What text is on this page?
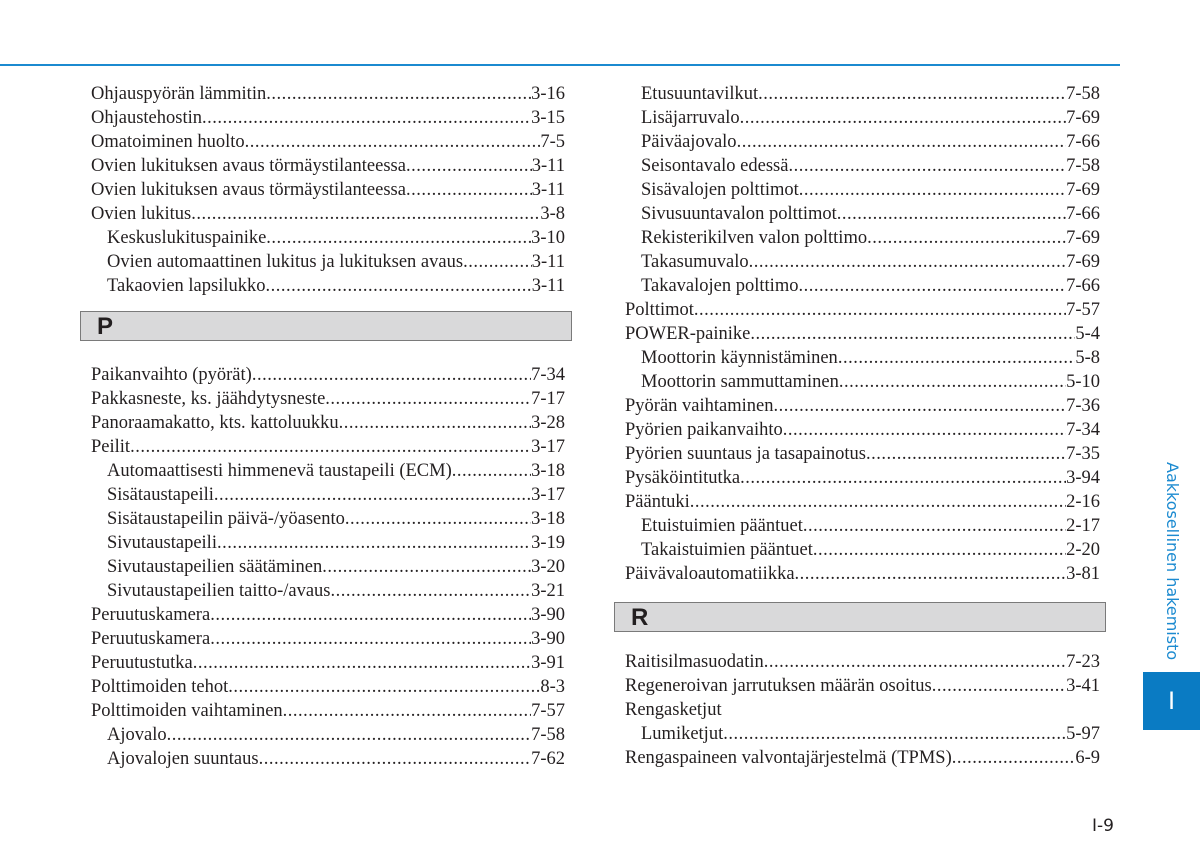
Ohjauspyörän lämmitin .....	3-16
Ohjaustehostin .....	3-15
Omatoiminen huolto .....	7-5
Ovien lukituksen avaus törmäystilanteessa .....	3-11
Ovien lukituksen avaus törmäystilanteessa .....	3-11
Ovien lukitus .....	3-8
Keskuslukituspainike .....	3-10
Ovien automaattinen lukitus ja lukituksen avaus .....	3-11
Takaovien lapsilukko .....	3-11
P
Paikanvaihto (pyörät) .....	7-34
Pakkasneste, ks. jäähdytysneste .....	7-17
Panoraamakatto, kts. kattoluukku .....	3-28
Peilit .....	3-17
Automaattisesti himmenevä taustapeili (ECM) .....	3-18
Sisätaustapeili .....	3-17
Sisätaustapeilin päivä-/yöasento .....	3-18
Sivutaustapeili .....	3-19
Sivutaustapeilien säätäminen .....	3-20
Sivutaustapeilien taitto-/avaus .....	3-21
Peruutuskamera .....	3-90
Peruutuskamera .....	3-90
Peruutustutka .....	3-91
Polttimoiden tehot .....	8-3
Polttimoiden vaihtaminen .....	7-57
Ajovalo .....	7-58
Ajovalojen suuntaus .....	7-62
Etusuuntavilkut .....	7-58
Lisäjarruvalo .....	7-69
Päiväajovalo .....	7-66
Seisontavalo edessä .....	7-58
Sisävalojen polttimot .....	7-69
Sivusuuntavalon polttimot .....	7-66
Rekisterikilven valon polttimo .....	7-69
Takasumuvalo .....	7-69
Takavalojen polttimo .....	7-66
Polttimot .....	7-57
POWER-painike .....	5-4
Moottorin käynnistäminen .....	5-8
Moottorin sammuttaminen .....	5-10
Pyörän vaihtaminen .....	7-36
Pyörien paikanvaihto .....	7-34
Pyörien suuntaus ja tasapainotus .....	7-35
Pysäköintitutka .....	3-94
Pääntuki .....	2-16
Etuistuimien pääntuet .....	2-17
Takaistuimien pääntuet .....	2-20
Päivävaloautomatiikka .....	3-81
R
Raitisilmasuodatin .....	7-23
Regeneroivan jarrutuksen määrän osoitus .....	3-41
Rengasketjut
Lumiketjut .....	5-97
Rengaspaineen valvontajärjestelmä (TPMS) .....	6-9
Aakkosellinen hakemisto
I
I-9
